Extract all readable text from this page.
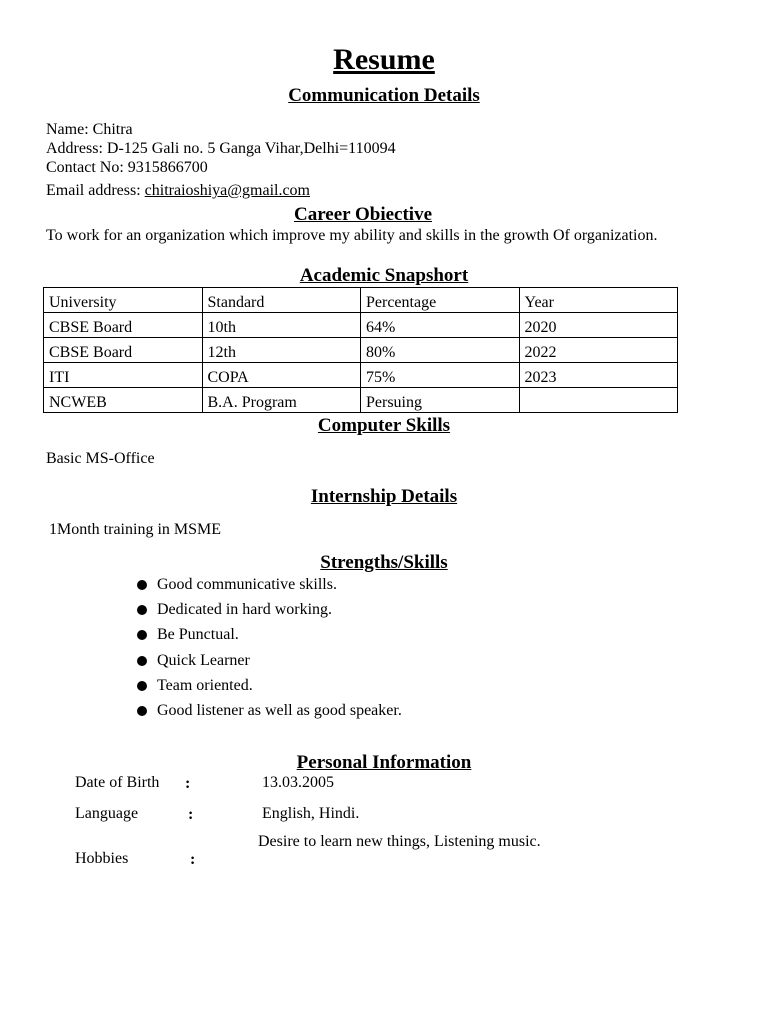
Resume
Communication Details
Name: Chitra
Address: D-125 Gali no. 5 Ganga Vihar,Delhi=110094
Contact No: 9315866700
Email address: chitraioshiya@gmail.com
Career Obiective
To work for an organization which improve my ability and skills in the growth Of organization.
Academic Snapshort
University	Standard	Percentage	Year
CBSE Board	10th	64%	2020
CBSE Board	12th	80%	2022
ITI	COPA	75%	2023
NCWEB	B.A. Program	Persuing	
Computer Skills
Basic MS-Office
Internship Details
1Month training in MSME
Strengths/Skills
Good communicative skills.
Dedicated in hard working.
Be Punctual.
Quick Learner
Team oriented.
Good listener as well as good speaker.
Personal Information
Date of Birth :	13.03.2005
Language	:	English, Hindi.
Hobbies	:
Desire to learn new things, Listening music.
